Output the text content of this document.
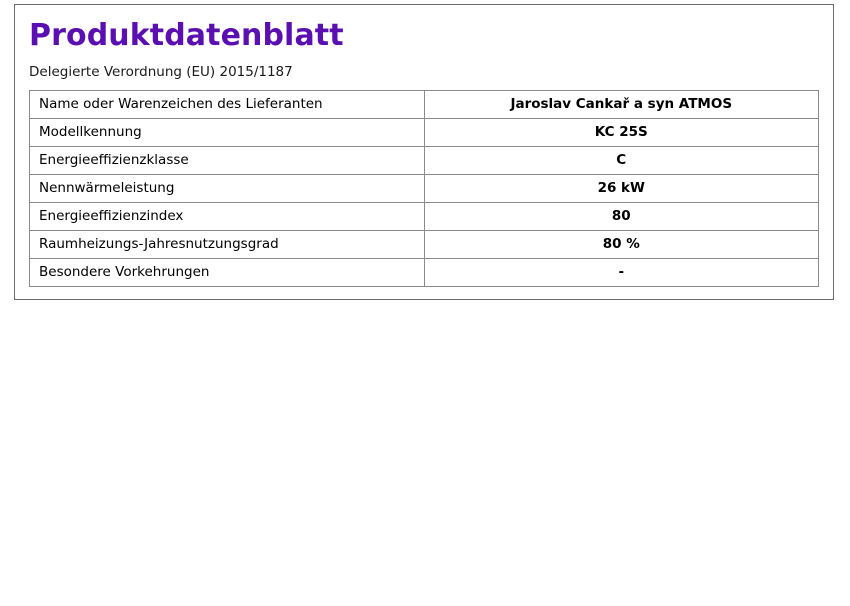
Produktdatenblatt

Delegierte Verordnung (EU) 2015/1187

Name oder Warenzeichen des Lieferanten	Jaroslav Cankař a syn ATMOS
Modellkennung	KC 25S
Energieeffizienzklasse	C
Nennwärmeleistung	26 kW
Energieeffizienzindex	80
Raumheizungs-Jahresnutzungsgrad	80 %
Besondere Vorkehrungen	-
